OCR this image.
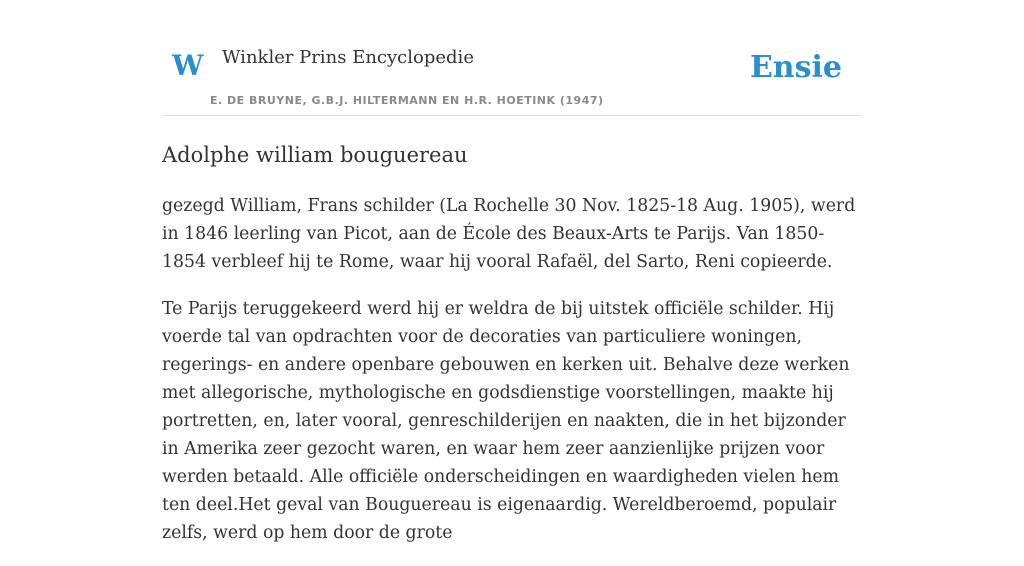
W Winkler Prins Encyclopedie
E. DE BRUYNE, G.B.J. HILTERMANN EN H.R. HOETINK (1947)
Ensie
Adolphe william bouguereau

gezegd William, Frans schilder (La Rochelle 30 Nov. 1825-18 Aug. 1905), werd in 1846 leerling van Picot, aan de École des Beaux-Arts te Parijs. Van 1850-1854 verbleef hij te Rome, waar hij vooral Rafaël, del Sarto, Reni copieerde.

Te Parijs teruggekeerd werd hij er weldra de bij uitstek officiële schilder. Hij voerde tal van opdrachten voor de decoraties van particuliere woningen, regerings- en andere openbare gebouwen en kerken uit. Behalve deze werken met allegorische, mythologische en godsdienstige voorstellingen, maakte hij portretten, en, later vooral, genreschilderijen en naakten, die in het bijzonder in Amerika zeer gezocht waren, en waar hem zeer aanzienlijke prijzen voor werden betaald. Alle officiële onderscheidingen en waardigheden vielen hem ten deel.Het geval van Bouguereau is eigenaardig. Wereldberoemd, populair zelfs, werd op hem door de grote
